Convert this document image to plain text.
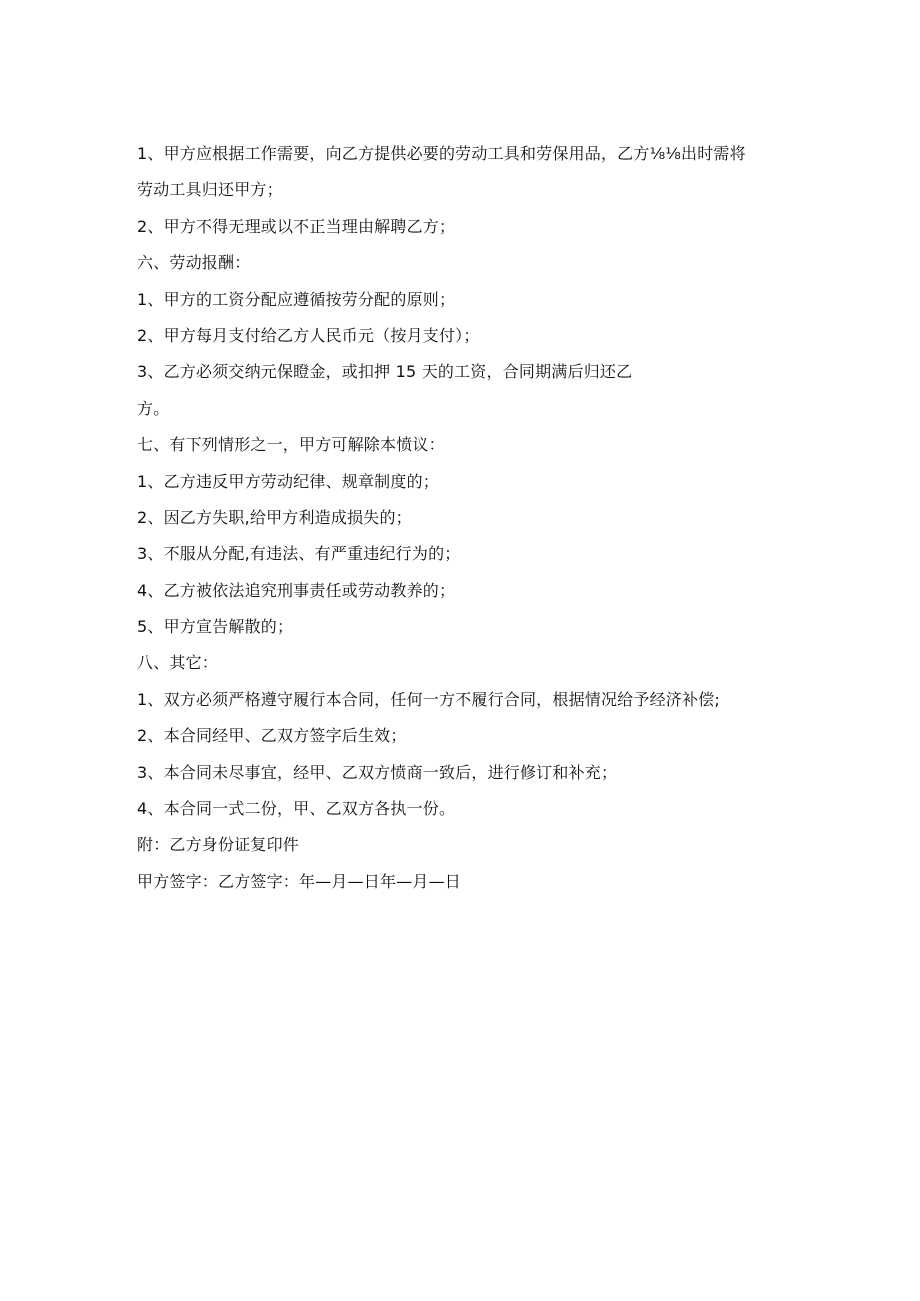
1、甲方应根据工作需要，向乙方提供必要的劳动工具和劳保用品，乙方⅛⅛出时需将
劳动工具归还甲方；
2、甲方不得无理或以不正当理由解聘乙方；
六、劳动报酬：
1、甲方的工资分配应遵循按劳分配的原则；
2、甲方每月支付给乙方人民币元（按月支付）；
3、乙方必须交纳元保瞪金，或扣押 15 天的工资，合同期满后归还乙
方。
七、有下列情形之一，甲方可解除本愤议：
1、乙方违反甲方劳动纪律、规章制度的；
2、因乙方失职,给甲方利造成损失的；
3、不服从分配,有违法、有严重违纪行为的；
4、乙方被依法追究刑事责任或劳动教养的；
5、甲方宣告解散的；
八、其它：
1、双方必须严格遵守履行本合同，任何一方不履行合同，根据情况给予经济补偿;
2、本合同经甲、乙双方签字后生效；
3、本合同未尽事宜，经甲、乙双方愤商一致后，进行修订和补充；
4、本合同一式二份，甲、乙双方各执一份。
附：乙方身份证复印件
甲方签字：乙方签字：年—月—日年—月—日
